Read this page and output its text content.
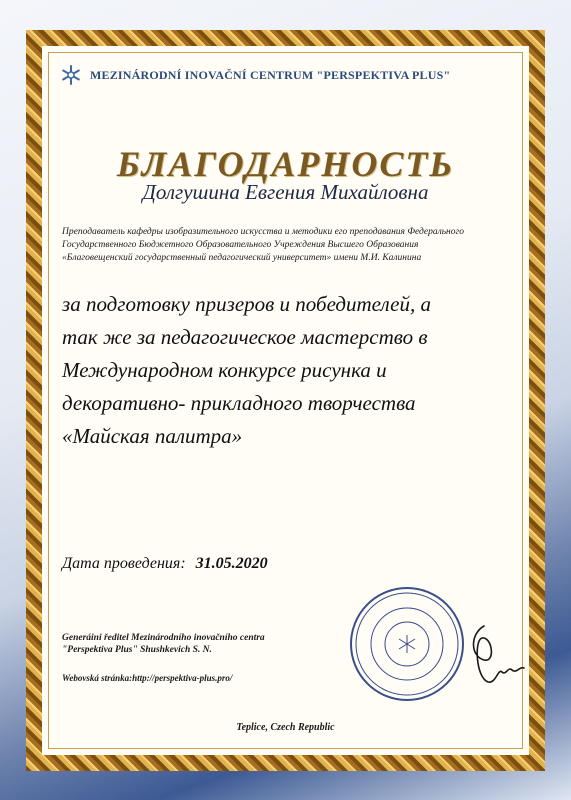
MEZINÁRODNÍ INOVAČNÍ CENTRUM "PERSPEKTIVA PLUS"
БЛАГОДАРНОСТЬ
Долгушина Евгения Михайловна
Преподаватель кафедры изобразительного искусства и методики его преподавания Федерального
Государственного Бюджетного Образовательного Учреждения Высшего Образования
«Благовещенский государственный педагогический университет» имени М.И. Калинина
за подготовку призеров и победителей, а
так же за педагогическое мастерство в
Международном конкурсе рисунка и
декоративно- прикладного творчества
«Майская палитра»
Дата проведения: 31.05.2020
Generáini ředitel Mezinárodního inovačního centra
"Perspektiva Plus" Shushkevich S. N.
Webovská stránka:http://perspektiva-plus.pro/
Teplice, Czech Republic
